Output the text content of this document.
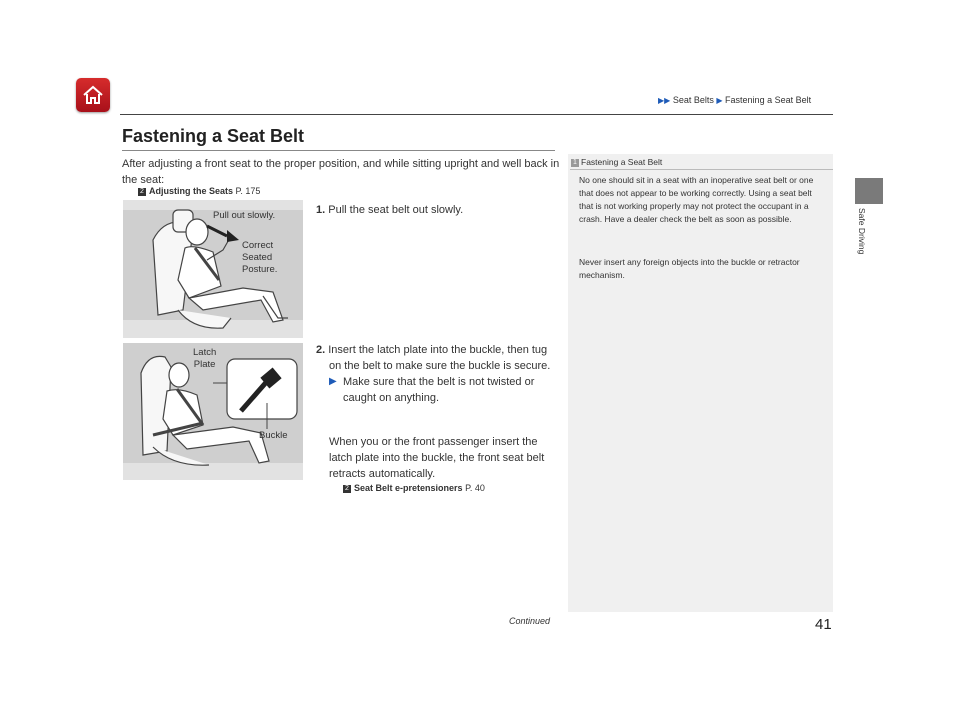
▶▶ Seat Belts ▶ Fastening a Seat Belt
Safe Driving
Fastening a Seat Belt
After adjusting a front seat to the proper position, and while sitting upright and well back in the seat:
2 Adjusting the Seats P. 175
Pull out slowly.
Correct
Seated
Posture.
Latch
Plate
Buckle
1. Pull the seat belt out slowly.
2. Insert the latch plate into the buckle, then tug on the belt to make sure the buckle is secure.
▶ Make sure that the belt is not twisted or caught on anything.
When you or the front passenger insert the latch plate into the buckle, the front seat belt retracts automatically.
2 Seat Belt e-pretensioners P. 40
1 Fastening a Seat Belt
No one should sit in a seat with an inoperative seat belt or one that does not appear to be working correctly. Using a seat belt that is not working properly may not protect the occupant in a crash. Have a dealer check the belt as soon as possible.
Never insert any foreign objects into the buckle or retractor mechanism.
Continued	41
